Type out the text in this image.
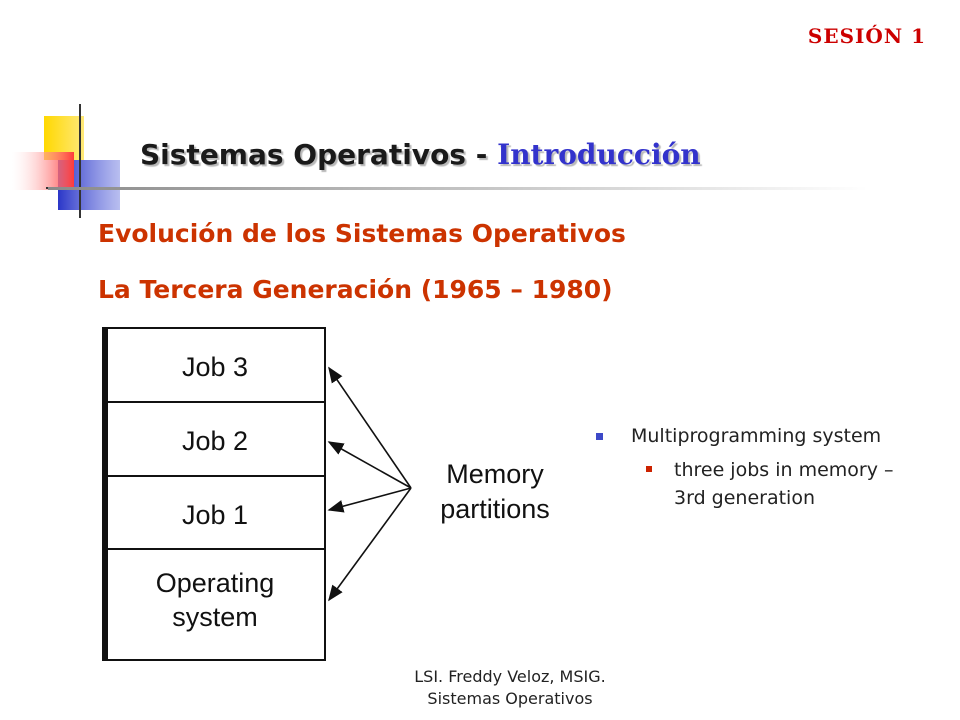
SESIÓN 1
Sistemas Operativos - Introducción
Evolución de los Sistemas Operativos
La Tercera Generación (1965 – 1980)
Job 3
Job 2
Job 1
Operating
system
Memory
partitions
Multiprogramming system
three jobs in memory –
3rd generation
LSI. Freddy Veloz, MSIG.
Sistemas Operativos
